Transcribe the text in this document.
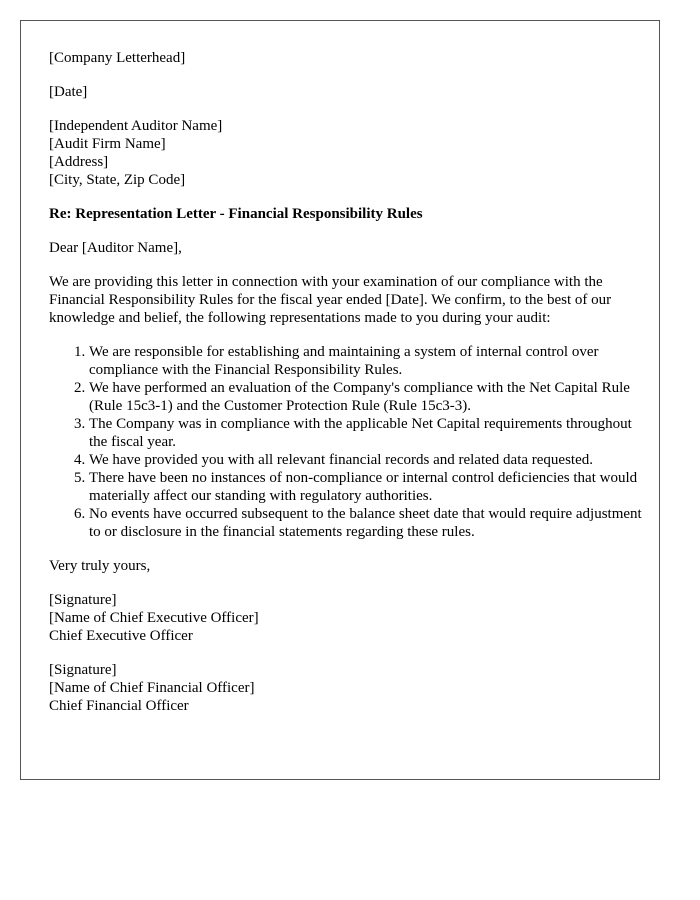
[Company Letterhead]
[Date]
[Independent Auditor Name]
[Audit Firm Name]
[Address]
[City, State, Zip Code]
Re: Representation Letter - Financial Responsibility Rules
Dear [Auditor Name],

We are providing this letter in connection with your examination of our compliance with the Financial Responsibility Rules for the fiscal year ended [Date]. We confirm, to the best of our knowledge and belief, the following representations made to you during your audit:

1. We are responsible for establishing and maintaining a system of internal control over compliance with the Financial Responsibility Rules.
2. We have performed an evaluation of the Company's compliance with the Net Capital Rule (Rule 15c3-1) and the Customer Protection Rule (Rule 15c3-3).
3. The Company was in compliance with the applicable Net Capital requirements throughout the fiscal year.
4. We have provided you with all relevant financial records and related data requested.
5. There have been no instances of non-compliance or internal control deficiencies that would materially affect our standing with regulatory authorities.
6. No events have occurred subsequent to the balance sheet date that would require adjustment to or disclosure in the financial statements regarding these rules.
Very truly yours,
[Signature]
[Name of Chief Executive Officer]
Chief Executive Officer
[Signature]
[Name of Chief Financial Officer]
Chief Financial Officer
